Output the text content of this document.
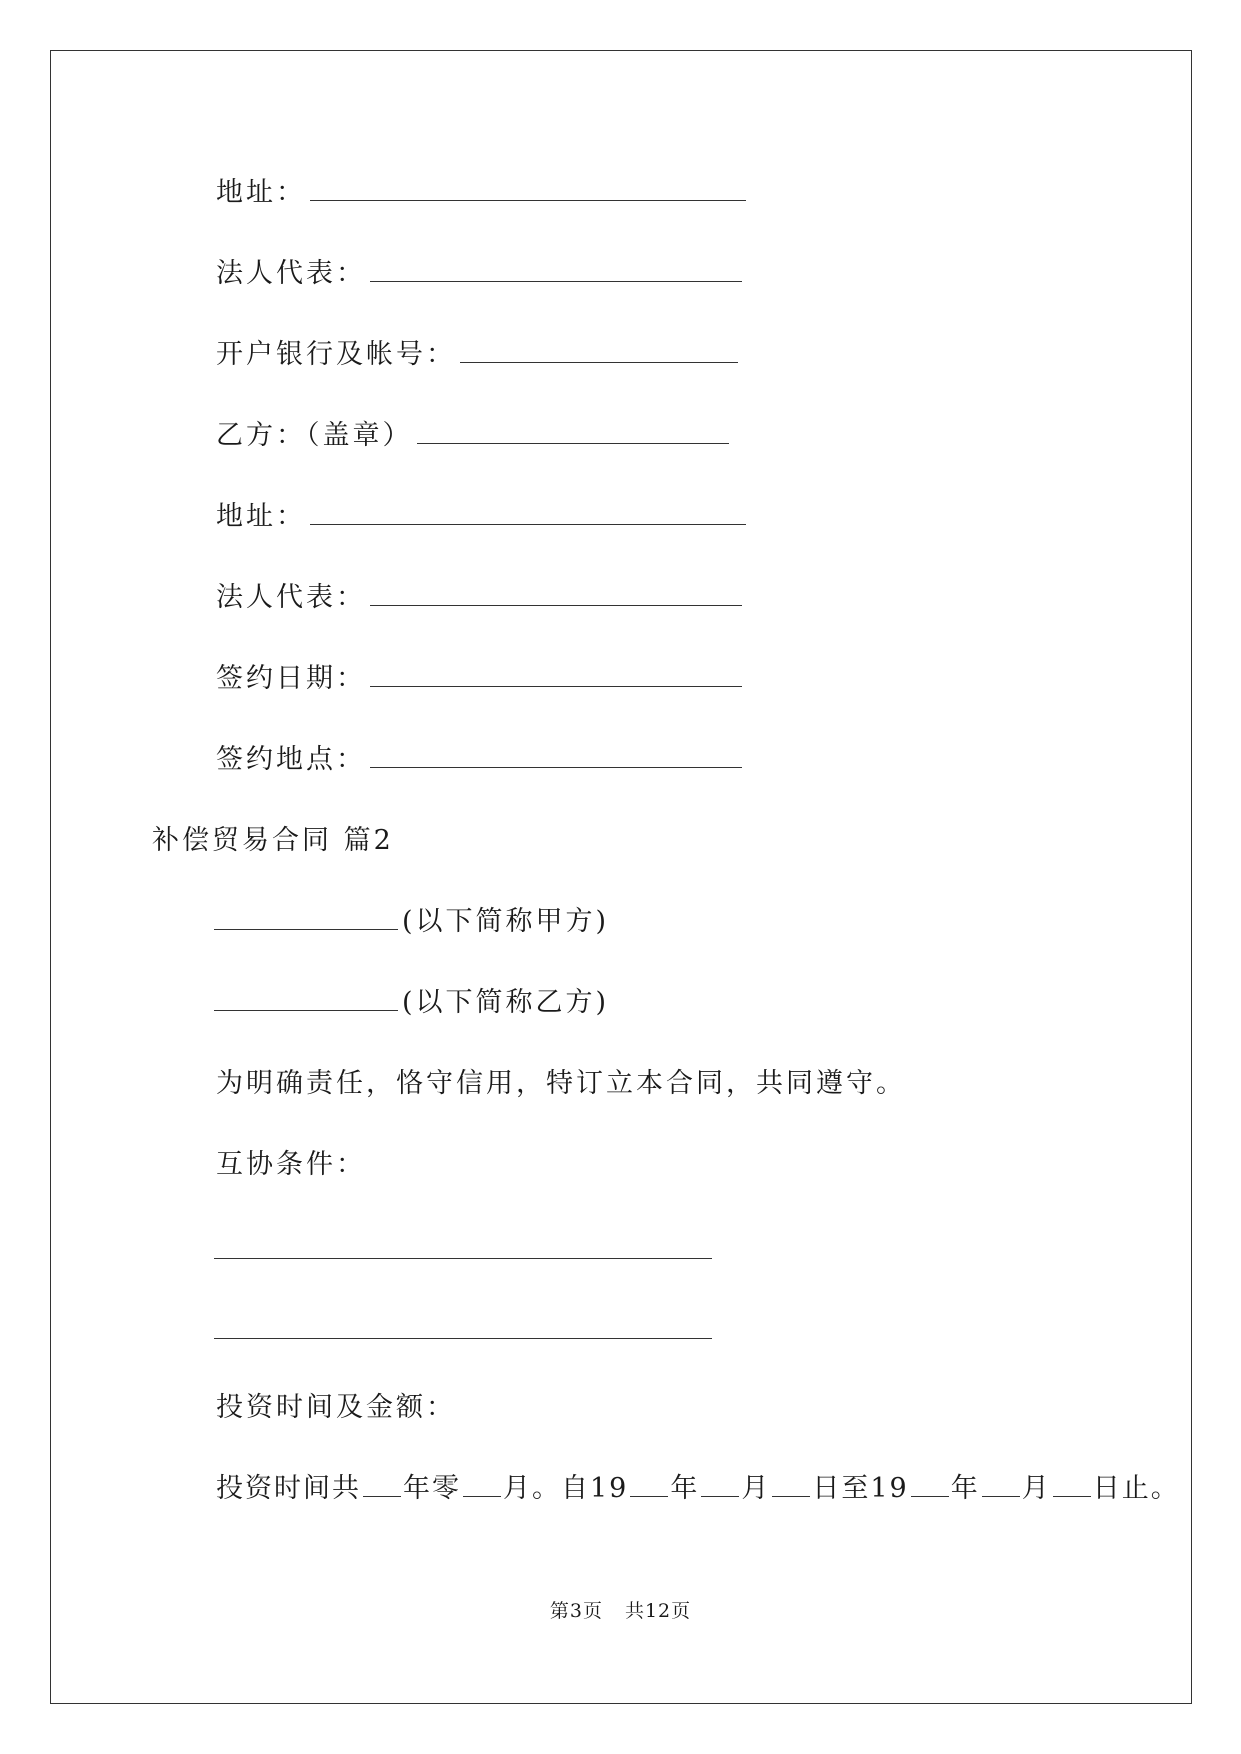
地址：
法人代表：
开户银行及帐号：
乙方：（盖章）
地址：
法人代表：
签约日期：
签约地点：
补偿贸易合同 篇2
(以下简称甲方)
(以下简称乙方)
为明确责任，恪守信用，特订立本合同，共同遵守。
互协条件：
投资时间及金额：
投资时间共 年零 月。自19 年 月 日至19 年 月 日止。
第3页 共12页
